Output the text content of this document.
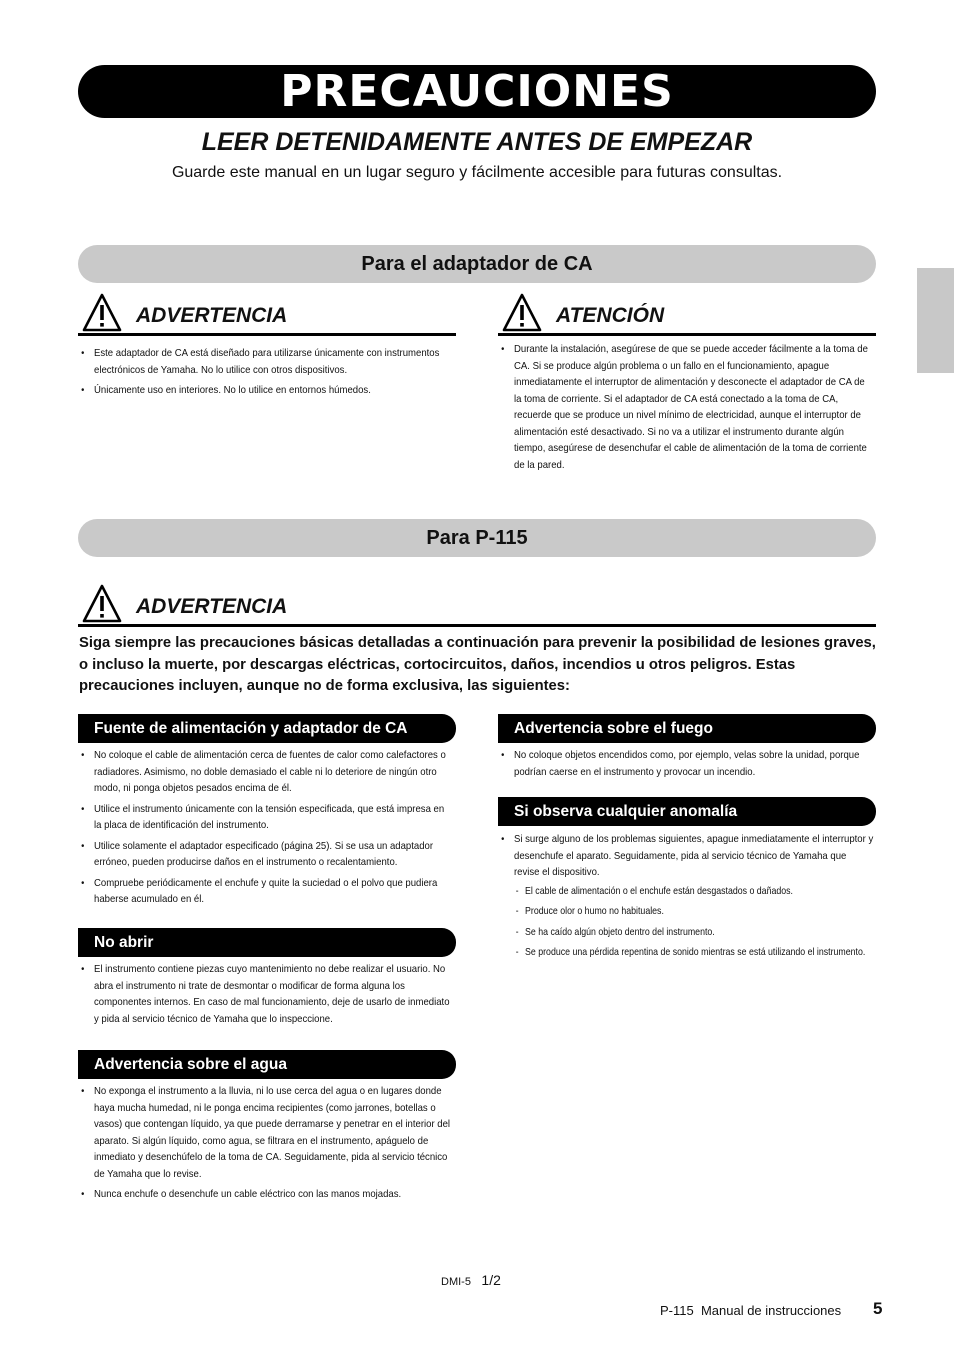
PRECAUCIONES
LEER DETENIDAMENTE ANTES DE EMPEZAR
Guarde este manual en un lugar seguro y fácilmente accesible para futuras consultas.
Para el adaptador de CA
ADVERTENCIA
• Este adaptador de CA está diseñado para utilizarse únicamente con instrumentos electrónicos de Yamaha. No lo utilice con otros dispositivos.
• Únicamente uso en interiores. No lo utilice en entornos húmedos.
ATENCIÓN
• Durante la instalación, asegúrese de que se puede acceder fácilmente a la toma de CA. Si se produce algún problema o un fallo en el funcionamiento, apague inmediatamente el interruptor de alimentación y desconecte el adaptador de CA de la toma de corriente. Si el adaptador de CA está conectado a la toma de CA, recuerde que se produce un nivel mínimo de electricidad, aunque el interruptor de alimentación esté desactivado. Si no va a utilizar el instrumento durante algún tiempo, asegúrese de desenchufar el cable de alimentación de la toma de corriente de la pared.
Para P-115
ADVERTENCIA
Siga siempre las precauciones básicas detalladas a continuación para prevenir la posibilidad de lesiones graves, o incluso la muerte, por descargas eléctricas, cortocircuitos, daños, incendios u otros peligros. Estas precauciones incluyen, aunque no de forma exclusiva, las siguientes:
Fuente de alimentación y adaptador de CA
• No coloque el cable de alimentación cerca de fuentes de calor como calefactores o radiadores. Asimismo, no doble demasiado el cable ni lo deteriore de ningún otro modo, ni ponga objetos pesados encima de él.
• Utilice el instrumento únicamente con la tensión especificada, que está impresa en la placa de identificación del instrumento.
• Utilice solamente el adaptador especificado (página 25). Si se usa un adaptador erróneo, pueden producirse daños en el instrumento o recalentamiento.
• Compruebe periódicamente el enchufe y quite la suciedad o el polvo que pudiera haberse acumulado en él.
No abrir
• El instrumento contiene piezas cuyo mantenimiento no debe realizar el usuario. No abra el instrumento ni trate de desmontar o modificar de forma alguna los componentes internos. En caso de mal funcionamiento, deje de usarlo de inmediato y pida al servicio técnico de Yamaha que lo inspeccione.
Advertencia sobre el agua
• No exponga el instrumento a la lluvia, ni lo use cerca del agua o en lugares donde haya mucha humedad, ni le ponga encima recipientes (como jarrones, botellas o vasos) que contengan líquido, ya que puede derramarse y penetrar en el interior del aparato. Si algún líquido, como agua, se filtrara en el instrumento, apáguelo de inmediato y desenchúfelo de la toma de CA. Seguidamente, pida al servicio técnico de Yamaha que lo revise.
• Nunca enchufe o desenchufe un cable eléctrico con las manos mojadas.
Advertencia sobre el fuego
• No coloque objetos encendidos como, por ejemplo, velas sobre la unidad, porque podrían caerse en el instrumento y provocar un incendio.
Si observa cualquier anomalía
• Si surge alguno de los problemas siguientes, apague inmediatamente el interruptor y desenchufe el aparato. Seguidamente, pida al servicio técnico de Yamaha que revise el dispositivo.
- El cable de alimentación o el enchufe están desgastados o dañados.
- Produce olor o humo no habituales.
- Se ha caído algún objeto dentro del instrumento.
- Se produce una pérdida repentina de sonido mientras se está utilizando el instrumento.
DMI-5 1/2
P-115  Manual de instrucciones 5
